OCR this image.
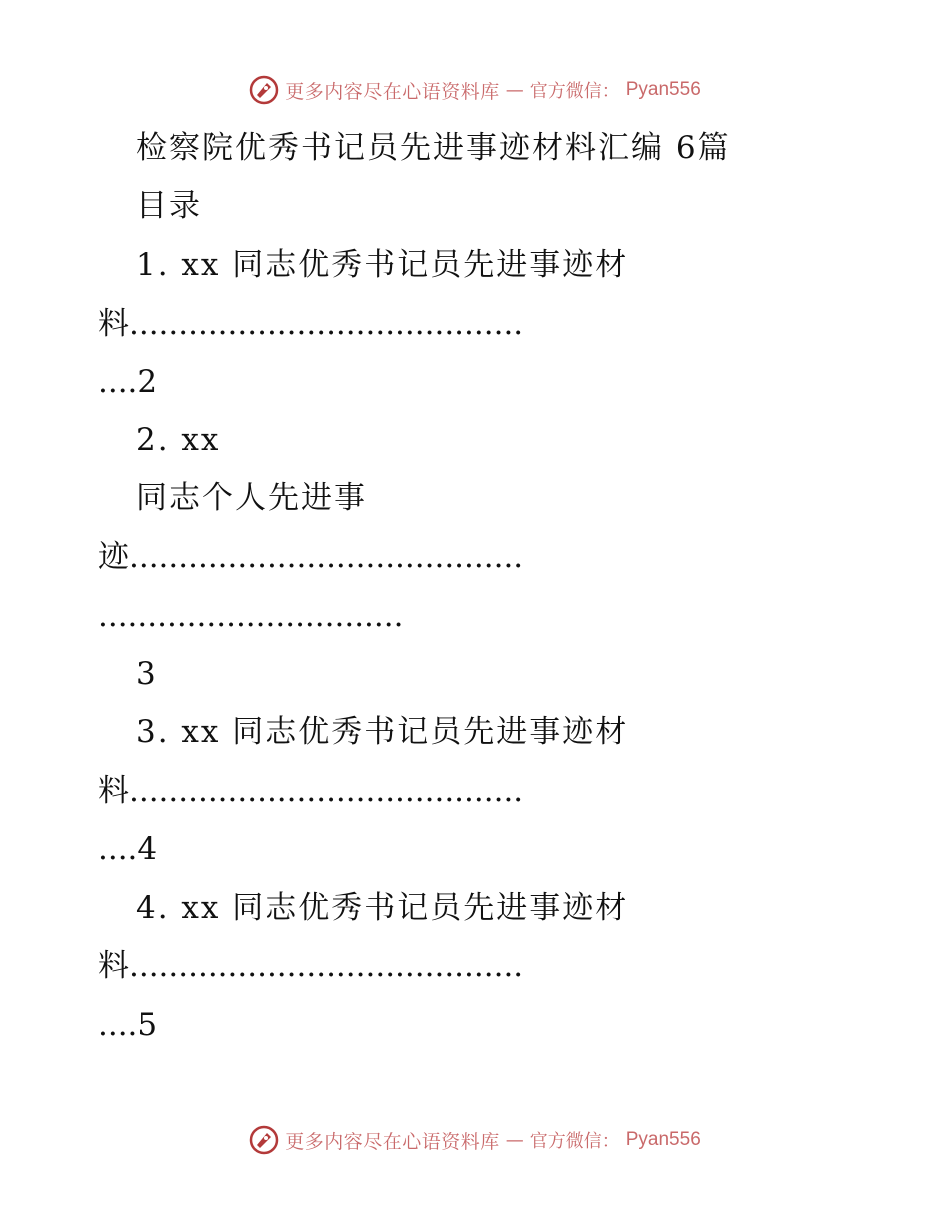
更多内容尽在心语资料库 — 官方微信： Pyan556
检察院优秀书记员先进事迹材料汇编 6篇
目录
1. xx 同志优秀书记员先进事迹材
料........................................
....2
2. xx
同志个人先进事
迹........................................
...............................
3
3. xx 同志优秀书记员先进事迹材
料........................................
....4
4. xx 同志优秀书记员先进事迹材
料........................................
....5
更多内容尽在心语资料库 — 官方微信： Pyan556
